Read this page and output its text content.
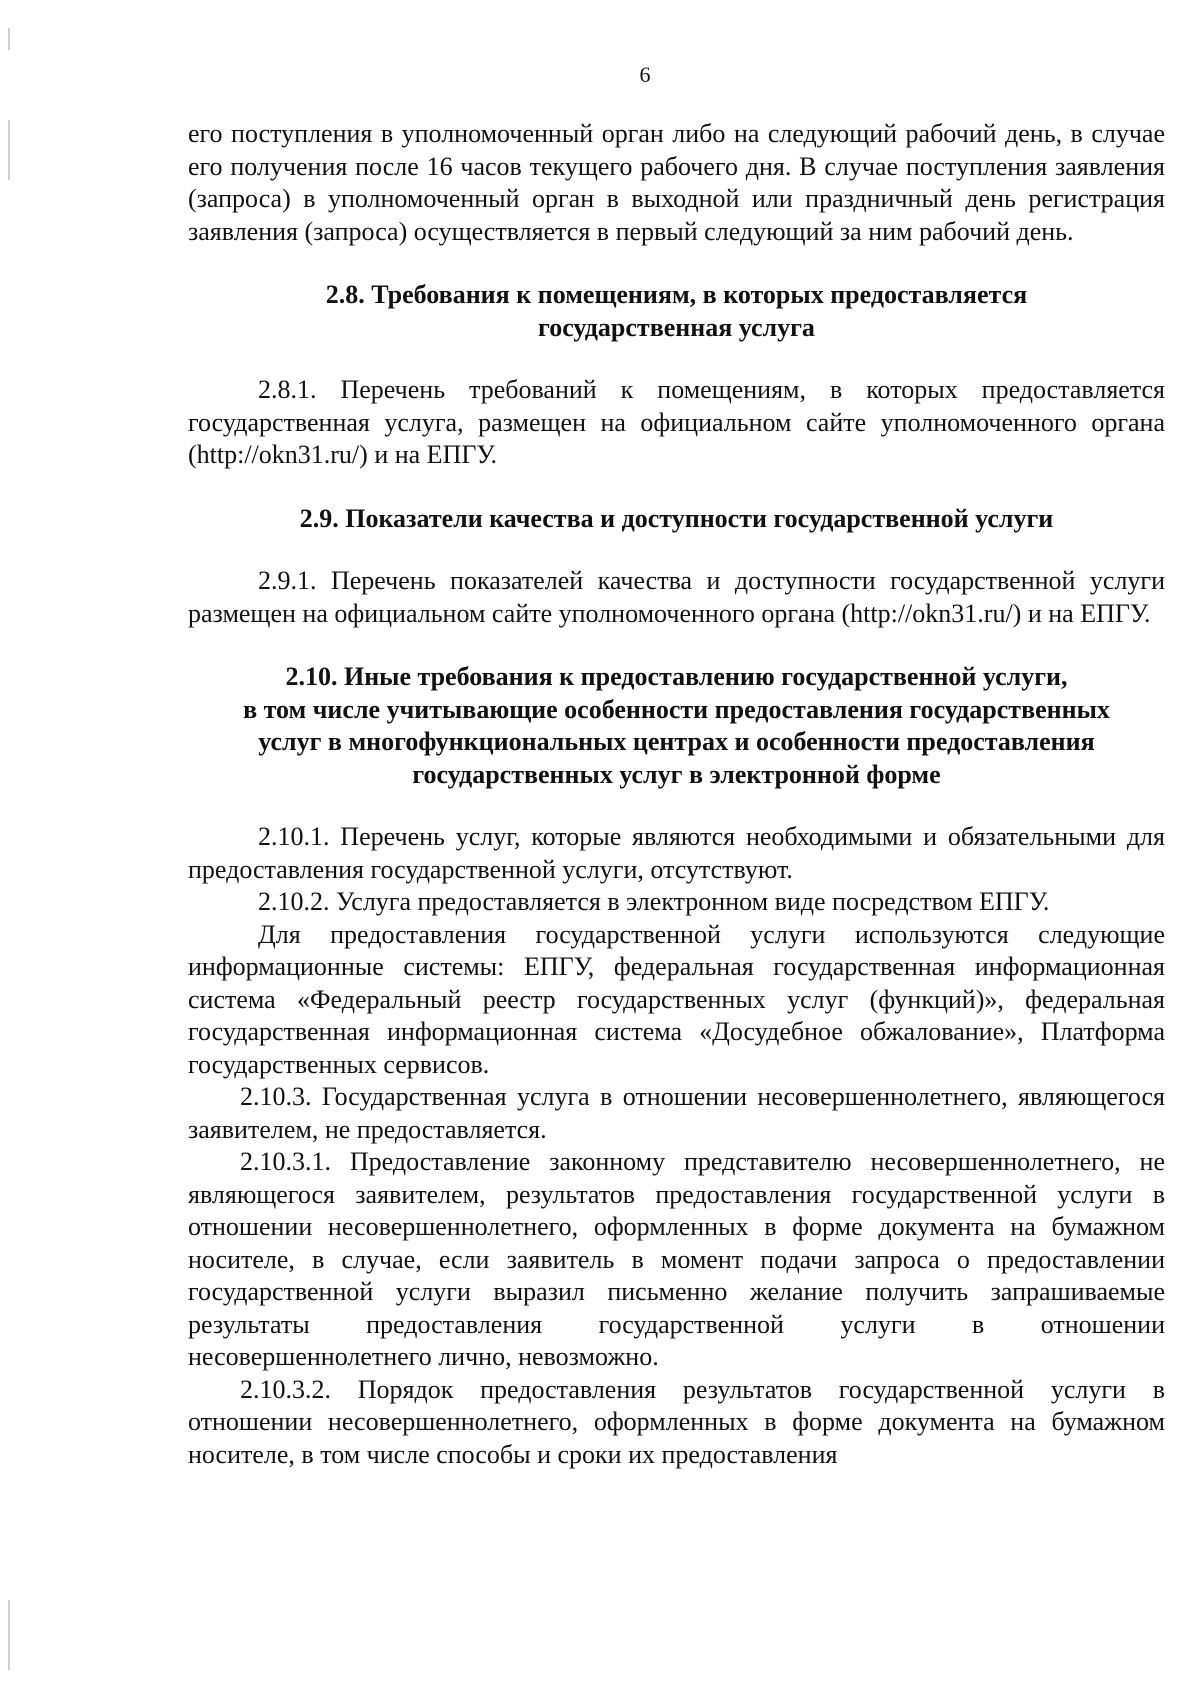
6

его поступления в уполномоченный орган либо на следующий рабочий день, в случае его получения после 16 часов текущего рабочего дня. В случае поступления заявления (запроса) в уполномоченный орган в выходной или праздничный день регистрация заявления (запроса) осуществляется в первый следующий за ним рабочий день.

2.8. Требования к помещениям, в которых предоставляется государственная услуга

2.8.1. Перечень требований к помещениям, в которых предоставляется государственная услуга, размещен на официальном сайте уполномоченного органа (http://okn31.ru/) и на ЕПГУ.

2.9. Показатели качества и доступности государственной услуги

2.9.1. Перечень показателей качества и доступности государственной услуги размещен на официальном сайте уполномоченного органа (http://okn31.ru/) и на ЕПГУ.

2.10. Иные требования к предоставлению государственной услуги,
в том числе учитывающие особенности предоставления государственных
услуг в многофункциональных центрах и особенности предоставления
государственных услуг в электронной форме

2.10.1. Перечень услуг, которые являются необходимыми и обязательными для предоставления государственной услуги, отсутствуют.

2.10.2. Услуга предоставляется в электронном виде посредством ЕПГУ.

Для предоставления государственной услуги используются следующие информационные системы: ЕПГУ, федеральная государственная информационная система «Федеральный реестр государственных услуг (функций)», федеральная государственная информационная система «Досудебное обжалование», Платформа государственных сервисов.

2.10.3. Государственная услуга в отношении несовершеннолетнего, являющегося заявителем, не предоставляется.

2.10.3.1. Предоставление законному представителю несовершеннолетнего, не являющегося заявителем, результатов предоставления государственной услуги в отношении несовершеннолетнего, оформленных в форме документа на бумажном носителе, в случае, если заявитель в момент подачи запроса о предоставлении государственной услуги выразил письменно желание получить запрашиваемые результаты предоставления государственной услуги в отношении несовершеннолетнего лично, невозможно.

2.10.3.2. Порядок предоставления результатов государственной услуги в отношении несовершеннолетнего, оформленных в форме документа на бумажном носителе, в том числе способы и сроки их предоставления
